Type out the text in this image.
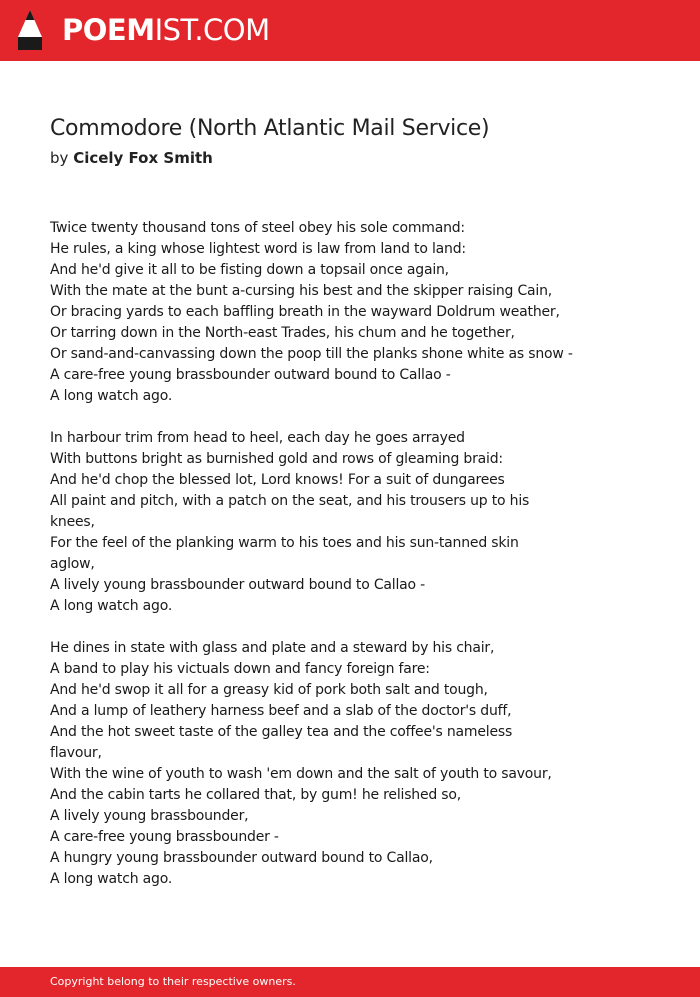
POEMIST.COM
Commodore (North Atlantic Mail Service)
by Cicely Fox Smith
Twice twenty thousand tons of steel obey his sole command:
He rules, a king whose lightest word is law from land to land:
And he'd give it all to be fisting down a topsail once again,
With the mate at the bunt a-cursing his best and the skipper raising Cain,
Or bracing yards to each baffling breath in the wayward Doldrum weather,
Or tarring down in the North-east Trades, his chum and he together,
Or sand-and-canvassing down the poop till the planks shone white as snow -
A care-free young brassbounder outward bound to Callao -
A long watch ago.
In harbour trim from head to heel, each day he goes arrayed
With buttons bright as burnished gold and rows of gleaming braid:
And he'd chop the blessed lot, Lord knows! For a suit of dungarees
All paint and pitch, with a patch on the seat, and his trousers up to his
knees,
For the feel of the planking warm to his toes and his sun-tanned skin
aglow,
A lively young brassbounder outward bound to Callao -
A long watch ago.
He dines in state with glass and plate and a steward by his chair,
A band to play his victuals down and fancy foreign fare:
And he'd swop it all for a greasy kid of pork both salt and tough,
And a lump of leathery harness beef and a slab of the doctor's duff,
And the hot sweet taste of the galley tea and the coffee's nameless
flavour,
With the wine of youth to wash 'em down and the salt of youth to savour,
And the cabin tarts he collared that, by gum! he relished so,
A lively young brassbounder,
A care-free young brassbounder -
A hungry young brassbounder outward bound to Callao,
A long watch ago.
Copyright belong to their respective owners.
